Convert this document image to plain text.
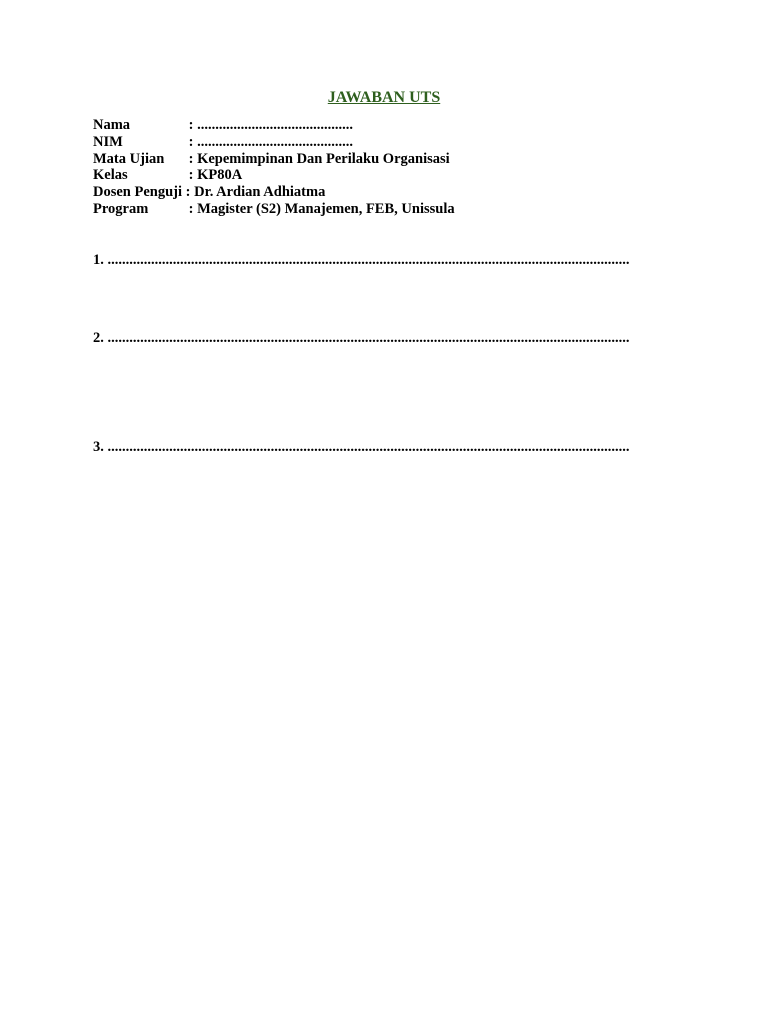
JAWABAN UTS
Nama	: ...........................................
NIM	: ...........................................
Mata Ujian : Kepemimpinan Dan Perilaku Organisasi
Kelas	: KP80A
Dosen Penguji : Dr. Ardian Adhiatma
Program	: Magister (S2) Manajemen, FEB, Unissula
1. ................................................................................................................................................
2. ................................................................................................................................................
3. ................................................................................................................................................
